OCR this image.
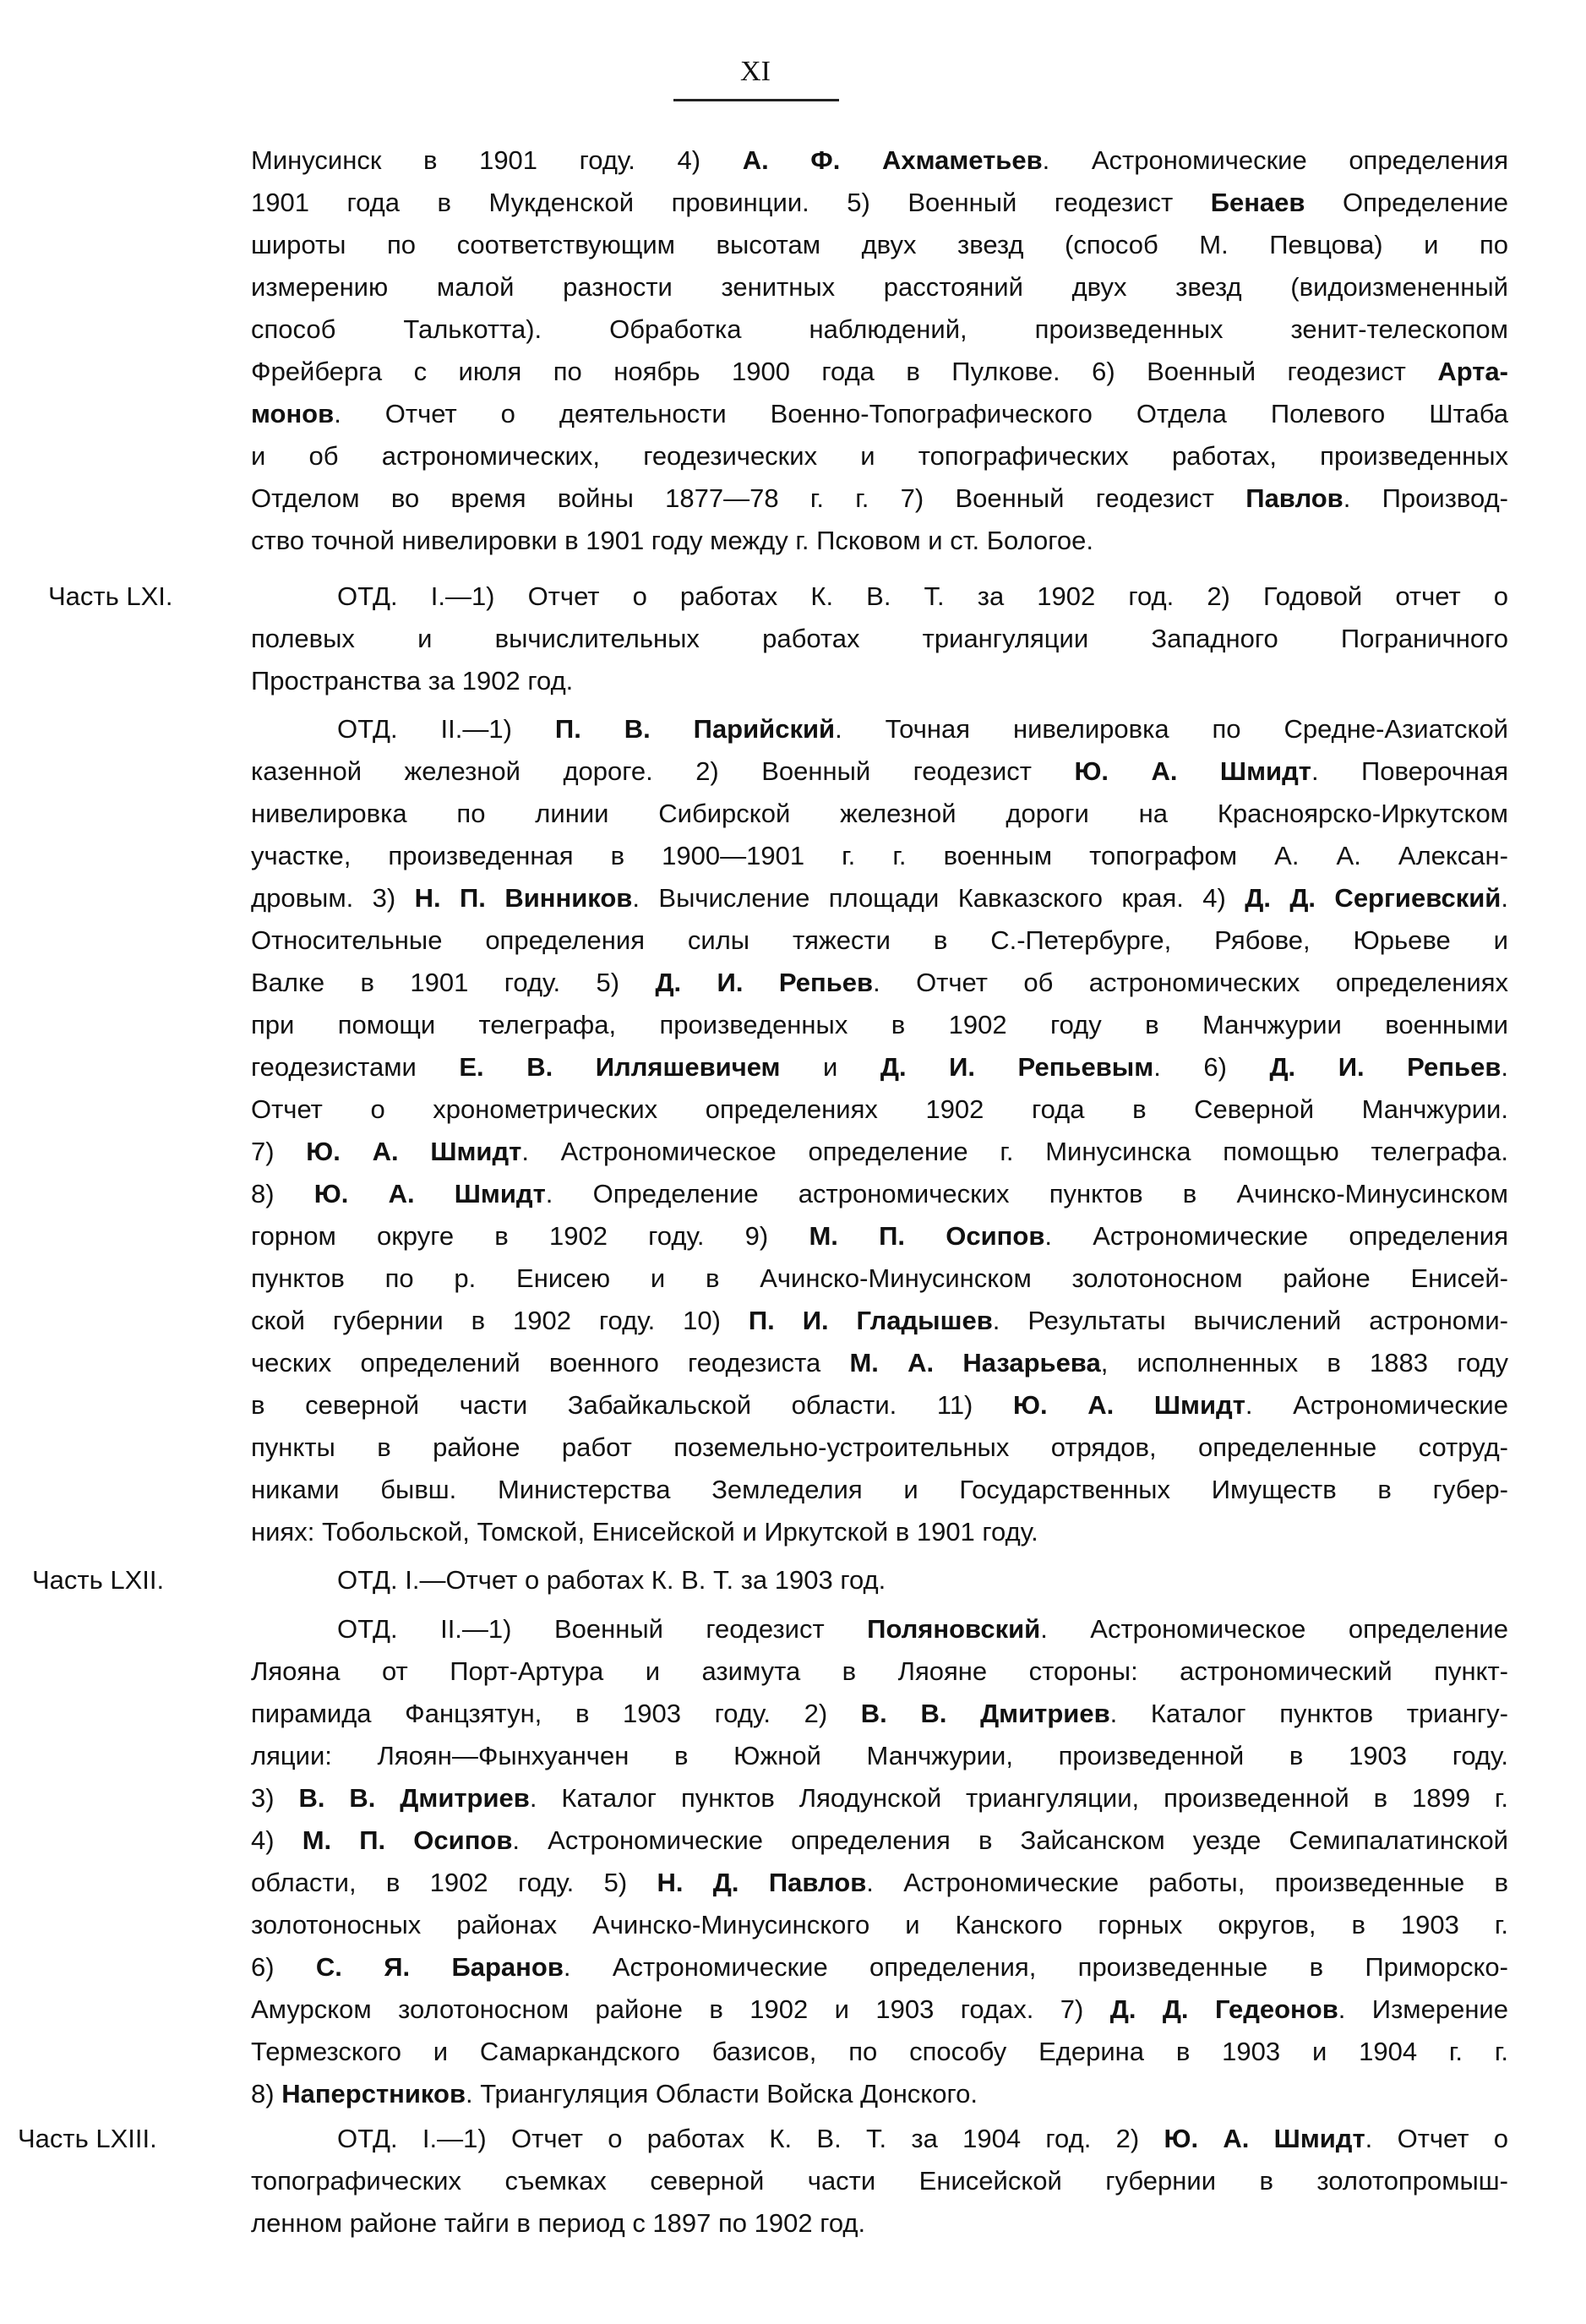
XI
Часть LXI.
Часть LXII.
Часть LXIII.
Минусинск в 1901 году. 4) А. Ф. Ахмаметьев. Астрономические определения
1901 года в Мукденской провинции. 5) Военный геодезист Бенаев Определение
широты по соответствующим высотам двух звезд (способ М. Певцова) и по
измерению малой разности зенитных расстояний двух звезд (видоизмененный
способ Талькотта). Обработка наблюдений, произведенных зенит-телескопом
Фрейберга с июля по ноябрь 1900 года в Пулкове. 6) Военный геодезист Арта-
монов. Отчет о деятельности Военно-Топографического Отдела Полевого Штаба
и об астрономических, геодезических и топографических работах, произведенных
Отделом во время войны 1877—78 г. г. 7) Военный геодезист Павлов. Производ-
ство точной нивелировки в 1901 году между г. Псковом и ст. Бологое.
ОТД. I.—1) Отчет о работах К. В. Т. за 1902 год. 2) Годовой отчет о
полевых и вычислительных работах триангуляции Западного Пограничного
Пространства за 1902 год.
ОТД. II.—1) П. В. Парийский. Точная нивелировка по Средне-Азиатской
казенной железной дороге. 2) Военный геодезист Ю. А. Шмидт. Поверочная
нивелировка по линии Сибирской железной дороги на Красноярско-Иркутском
участке, произведенная в 1900—1901 г. г. военным топографом А. А. Алексан-
дровым. 3) Н. П. Винников. Вычисление площади Кавказского края. 4) Д. Д. Сергиевский.
Относительные определения силы тяжести в С.-Петербурге, Рябове, Юрьеве и
Валке в 1901 году. 5) Д. И. Репьев. Отчет об астрономических определениях
при помощи телеграфа, произведенных в 1902 году в Манчжурии военными
геодезистами Е. В. Илляшевичем и Д. И. Репьевым. 6) Д. И. Репьев.
Отчет о хронометрических определениях 1902 года в Северной Манчжурии.
7) Ю. А. Шмидт. Астрономическое определение г. Минусинска помощью телеграфа.
8) Ю. А. Шмидт. Определение астрономических пунктов в Ачинско-Минусинском
горном округе в 1902 году. 9) М. П. Осипов. Астрономические определения
пунктов по р. Енисею и в Ачинско-Минусинском золотоносном районе Енисей-
ской губернии в 1902 году. 10) П. И. Гладышев. Результаты вычислений астрономи-
ческих определений военного геодезиста М. А. Назарьева, исполненных в 1883 году
в северной части Забайкальской области. 11) Ю. А. Шмидт. Астрономические
пункты в районе работ поземельно-устроительных отрядов, определенные сотруд-
никами бывш. Министерства Земледелия и Государственных Имуществ в губер-
ниях: Тобольской, Томской, Енисейской и Иркутской в 1901 году.
ОТД. I.—Отчет о работах К. В. Т. за 1903 год.
ОТД. II.—1) Военный геодезист Поляновский. Астрономическое определение
Ляояна от Порт-Артура и азимута в Ляояне стороны: астрономический пункт-
пирамида Фанцзятун, в 1903 году. 2) В. В. Дмитриев. Каталог пунктов триангу-
ляции: Ляоян—Фынхуанчен в Южной Манчжурии, произведенной в 1903 году.
3) В. В. Дмитриев. Каталог пунктов Ляодунской триангуляции, произведенной в 1899 г.
4) М. П. Осипов. Астрономические определения в Зайсанском уезде Семипалатинской
области, в 1902 году. 5) Н. Д. Павлов. Астрономические работы, произведенные в
золотоносных районах Ачинско-Минусинского и Канского горных округов, в 1903 г.
6) С. Я. Баранов. Астрономические определения, произведенные в Приморско-
Амурском золотоносном районе в 1902 и 1903 годах. 7) Д. Д. Гедеонов. Измерение
Термезского и Самаркандского базисов, по способу Едерина в 1903 и 1904 г. г.
8) Наперстников. Триангуляция Области Войска Донского.
ОТД. I.—1) Отчет о работах К. В. Т. за 1904 год. 2) Ю. А. Шмидт. Отчет о
топографических съемках северной части Енисейской губернии в золотопромыш-
ленном районе тайги в период с 1897 по 1902 год.
